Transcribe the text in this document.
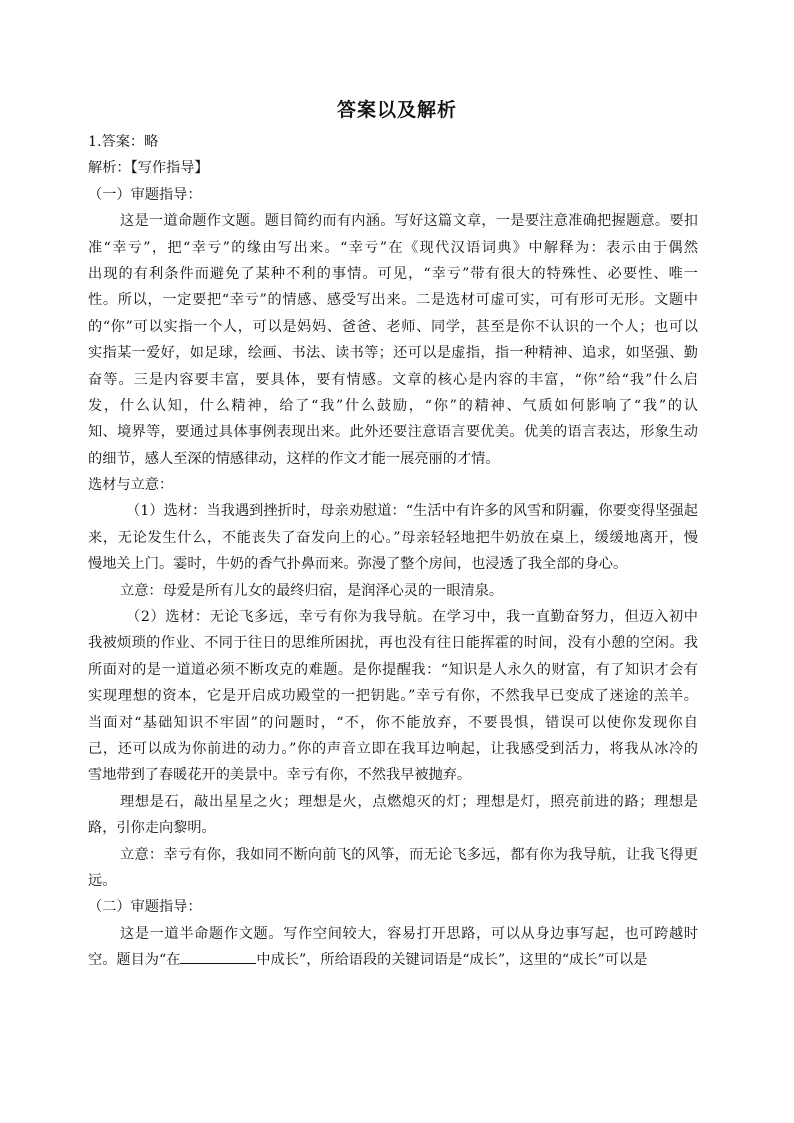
答案以及解析
1.答案：略
解析：【写作指导】
（一）审题指导：
这是一道命题作文题。题目简约而有内涵。写好这篇文章，一是要注意准确把握题意。要扣
准“幸亏”，把“幸亏”的缘由写出来。“幸亏”在《现代汉语词典》中解释为：表示由于偶然
出现的有利条件而避免了某种不利的事情。可见，“幸亏”带有很大的特殊性、必要性、唯一
性。所以，一定要把“幸亏”的情感、感受写出来。二是选材可虚可实，可有形可无形。文题中
的“你”可以实指一个人，可以是妈妈、爸爸、老师、同学，甚至是你不认识的一个人；也可以
实指某一爱好，如足球，绘画、书法、读书等；还可以是虚指，指一种精神、追求，如坚强、勤
奋等。三是内容要丰富，要具体，要有情感。文章的核心是内容的丰富，“你”给“我”什么启
发，什么认知，什么精神，给了“我”什么鼓励，“你”的精神、气质如何影响了“我”的认
知、境界等，要通过具体事例表现出来。此外还要注意语言要优美。优美的语言表达，形象生动
的细节，感人至深的情感律动，这样的作文才能一展亮丽的才情。
选材与立意：
（1）选材：当我遇到挫折时，母亲劝慰道：“生活中有许多的风雪和阴霾，你要变得坚强起
来，无论发生什么，不能丧失了奋发向上的心。”母亲轻轻地把牛奶放在桌上，缓缓地离开，慢
慢地关上门。霎时，牛奶的香气扑鼻而来。弥漫了整个房间，也浸透了我全部的身心。
立意：母爱是所有儿女的最终归宿，是润泽心灵的一眼清泉。
（2）选材：无论飞多远，幸亏有你为我导航。在学习中，我一直勤奋努力，但迈入初中
我被烦琐的作业、不同于往日的思维所困扰，再也没有往日能挥霍的时间，没有小憩的空闲。我
所面对的是一道道必须不断攻克的难题。是你提醒我：“知识是人永久的财富，有了知识才会有
实现理想的资本，它是开启成功殿堂的一把钥匙。”幸亏有你，不然我早已变成了迷途的羔羊。
当面对“基础知识不牢固”的问题时，“不，你不能放弃，不要畏惧，错误可以使你发现你自
己，还可以成为你前进的动力。”你的声音立即在我耳边响起，让我感受到活力，将我从冰冷的
雪地带到了春暖花开的美景中。幸亏有你，不然我早被抛弃。
理想是石，敲出星星之火；理想是火，点燃熄灭的灯；理想是灯，照亮前进的路；理想是
路，引你走向黎明。
立意：幸亏有你，我如同不断向前飞的风筝，而无论飞多远，都有你为我导航，让我飞得更
远。
（二）审题指导：
这是一道半命题作文题。写作空间较大，容易打开思路，可以从身边事写起，也可跨越时
空。题目为“在	中成长”，所给语段的关键词语是“成长”，这里的“成长”可以是
